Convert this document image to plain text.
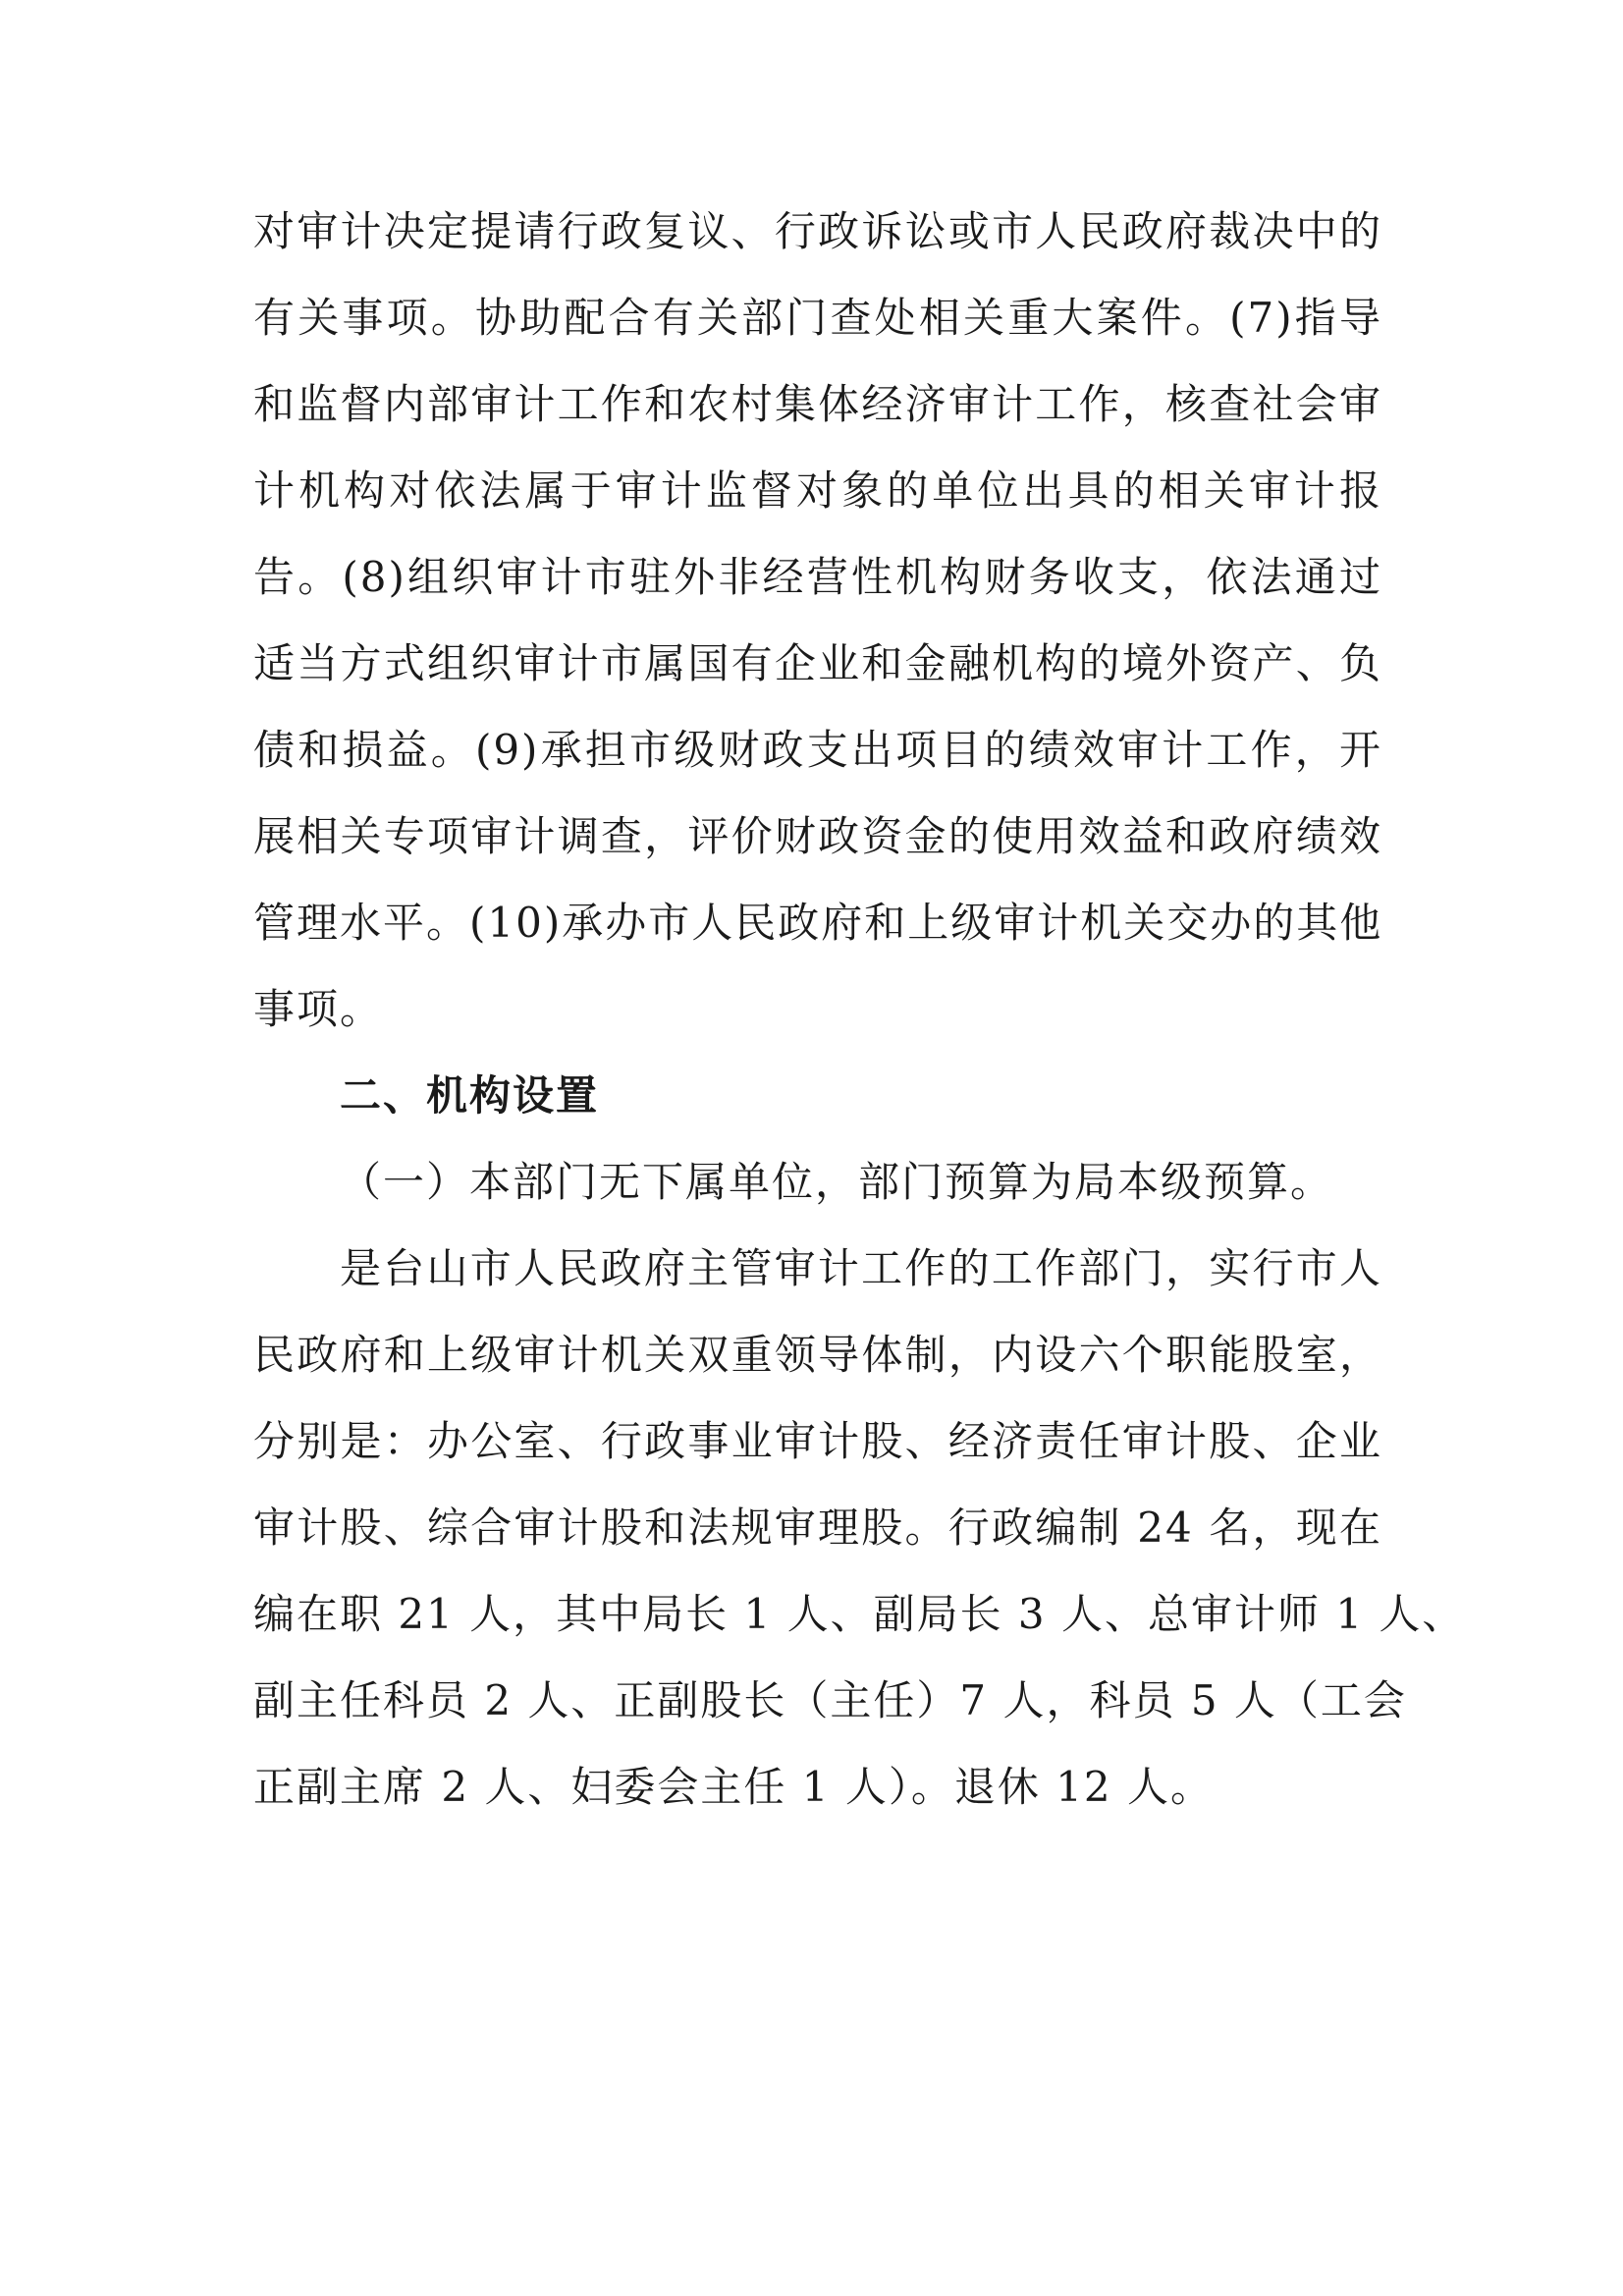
对审计决定提请行政复议、行政诉讼或市人民政府裁决中的
有关事项。协助配合有关部门查处相关重大案件。(7)指导
和监督内部审计工作和农村集体经济审计工作，核查社会审
计机构对依法属于审计监督对象的单位出具的相关审计报
告。(8)组织审计市驻外非经营性机构财务收支，依法通过
适当方式组织审计市属国有企业和金融机构的境外资产、负
债和损益。(9)承担市级财政支出项目的绩效审计工作，开
展相关专项审计调查，评价财政资金的使用效益和政府绩效
管理水平。(10)承办市人民政府和上级审计机关交办的其他
事项。
二、机构设置
（一）本部门无下属单位，部门预算为局本级预算。
是台山市人民政府主管审计工作的工作部门，实行市人
民政府和上级审计机关双重领导体制，内设六个职能股室，
分别是：办公室、行政事业审计股、经济责任审计股、企业
审计股、综合审计股和法规审理股。行政编制 24 名，现在
编在职 21 人，其中局长 1 人、副局长 3 人、总审计师 1 人、
副主任科员 2 人、正副股长（主任）7 人，科员 5 人（工会
正副主席 2 人、妇委会主任 1 人）。退休 12 人。
